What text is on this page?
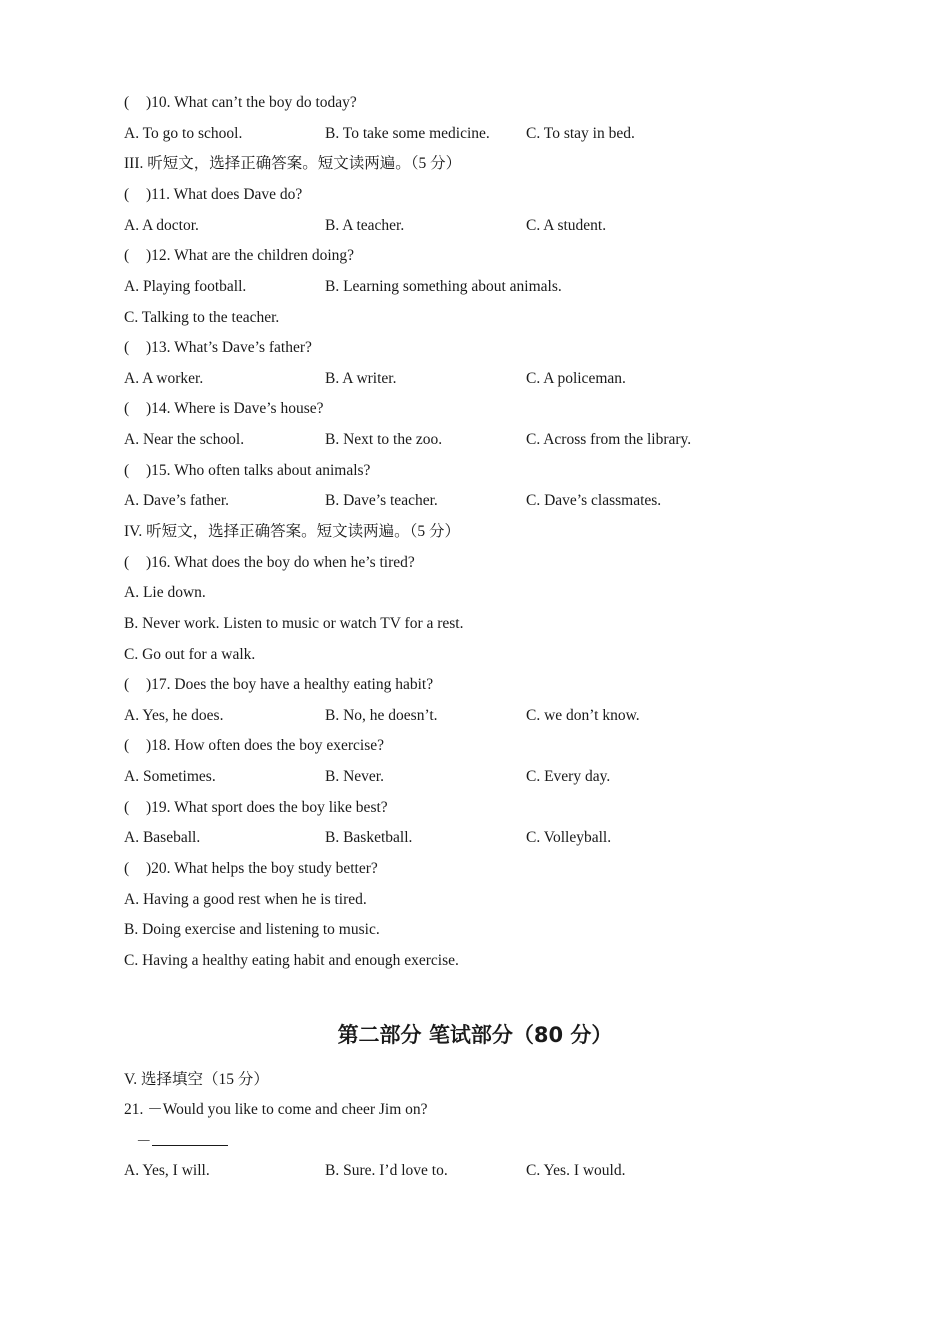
( )10. What can’t the boy do today?
A. To go to school.	B. To take some medicine. C. To stay in bed.
III. 听短文，选择正确答案。短文读两遍。（5 分）
( )11. What does Dave do?
A. A doctor.	B. A teacher.	C. A student.
( )12. What are the children doing?
A. Playing football.	B. Learning something about animals.
C. Talking to the teacher.
( )13. What’s Dave’s father?
A. A worker.	B. A writer.	C. A policeman.
( )14. Where is Dave’s house?
A. Near the school.	B. Next to the zoo.	C. Across from the library.
( )15. Who often talks about animals?
A. Dave’s father.	B. Dave’s teacher.	C. Dave’s classmates.
IV. 听短文，选择正确答案。短文读两遍。（5 分）
( )16. What does the boy do when he’s tired?
A. Lie down.
B. Never work. Listen to music or watch TV for a rest.
C. Go out for a walk.
( )17. Does the boy have a healthy eating habit?
A. Yes, he does.	B. No, he doesn’t.	C. we don’t know.
( )18. How often does the boy exercise?
A. Sometimes.	B. Never.	C. Every day.
( )19. What sport does the boy like best?
A. Baseball.	B. Basketball.	C. Volleyball.
( )20. What helps the boy study better?
A. Having a good rest when he is tired.
B. Doing exercise and listening to music.
C. Having a healthy eating habit and enough exercise.
第二部分 笔试部分（80 分）
V. 选择填空（15 分）
21. －Would you like to come and cheer Jim on?
－
A. Yes, I will.	B. Sure. I’d love to.	C. Yes. I would.
